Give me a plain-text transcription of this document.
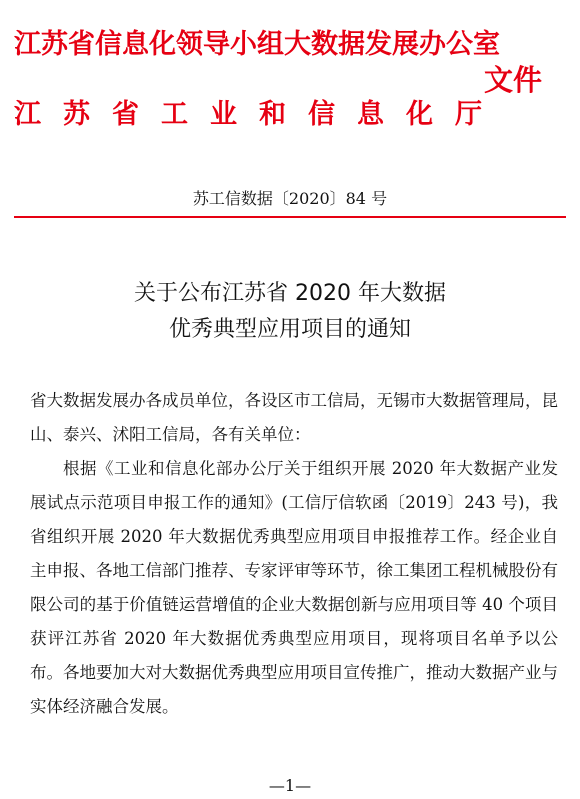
江苏省信息化领导小组大数据发展办公室
江苏省工业和信息化厅
文件
苏工信数据〔2020〕84 号
关于公布江苏省 2020 年大数据
优秀典型应用项目的通知

省大数据发展办各成员单位，各设区市工信局，无锡市大数据管理局，昆山、泰兴、沭阳工信局，各有关单位：

根据《工业和信息化部办公厅关于组织开展 2020 年大数据产业发展试点示范项目申报工作的通知》(工信厅信软函〔2019〕243 号)，我省组织开展 2020 年大数据优秀典型应用项目申报推荐工作。经企业自主申报、各地工信部门推荐、专家评审等环节，徐工集团工程机械股份有限公司的基于价值链运营增值的企业大数据创新与应用项目等 40 个项目获评江苏省 2020 年大数据优秀典型应用项目，现将项目名单予以公布。各地要加大对大数据优秀典型应用项目宣传推广，推动大数据产业与实体经济融合发展。

—1—
